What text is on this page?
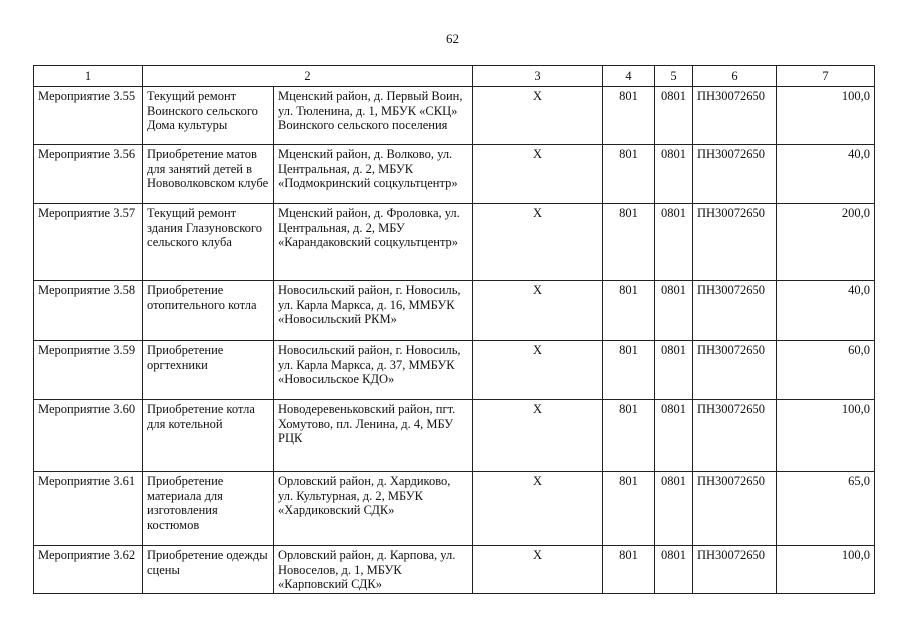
62
1	2		3	4	5	6	7
Мероприятие 3.55	Текущий ремонт Воинского сельского Дома культуры	Мценский район, д. Первый Воин, ул. Тюленина, д. 1, МБУК «СКЦ» Воинского сельского поселения	Х	801	0801	ПН30072650	100,0
Мероприятие 3.56	Приобретение матов для занятий детей в Нововолковском клубе	Мценский район, д. Волково, ул. Центральная, д. 2, МБУК «Подмокринский соцкультцентр»	Х	801	0801	ПН30072650	40,0
Мероприятие 3.57	Текущий ремонт здания Глазуновского сельского клуба	Мценский район, д. Фроловка, ул. Центральная, д. 2, МБУ «Карандаковский соцкультцентр»	Х	801	0801	ПН30072650	200,0
Мероприятие 3.58	Приобретение отопительного котла	Новосильский район, г. Новосиль, ул. Карла Маркса, д. 16, ММБУК «Новосильский РКМ»	Х	801	0801	ПН30072650	40,0
Мероприятие 3.59	Приобретение оргтехники	Новосильский район, г. Новосиль, ул. Карла Маркса, д. 37, ММБУК «Новосильское КДО»	Х	801	0801	ПН30072650	60,0
Мероприятие 3.60	Приобретение котла для котельной	Новодеревеньковский район, пгт. Хомутово, пл. Ленина, д. 4, МБУ РЦК	Х	801	0801	ПН30072650	100,0
Мероприятие 3.61	Приобретение материала для изготовления костюмов	Орловский район, д. Хардиково, ул. Культурная, д. 2, МБУК «Хардиковский СДК»	Х	801	0801	ПН30072650	65,0
Мероприятие 3.62	Приобретение одежды сцены	Орловский район, д. Карпова, ул. Новоселов, д. 1, МБУК «Карповский СДК»	Х	801	0801	ПН30072650	100,0
